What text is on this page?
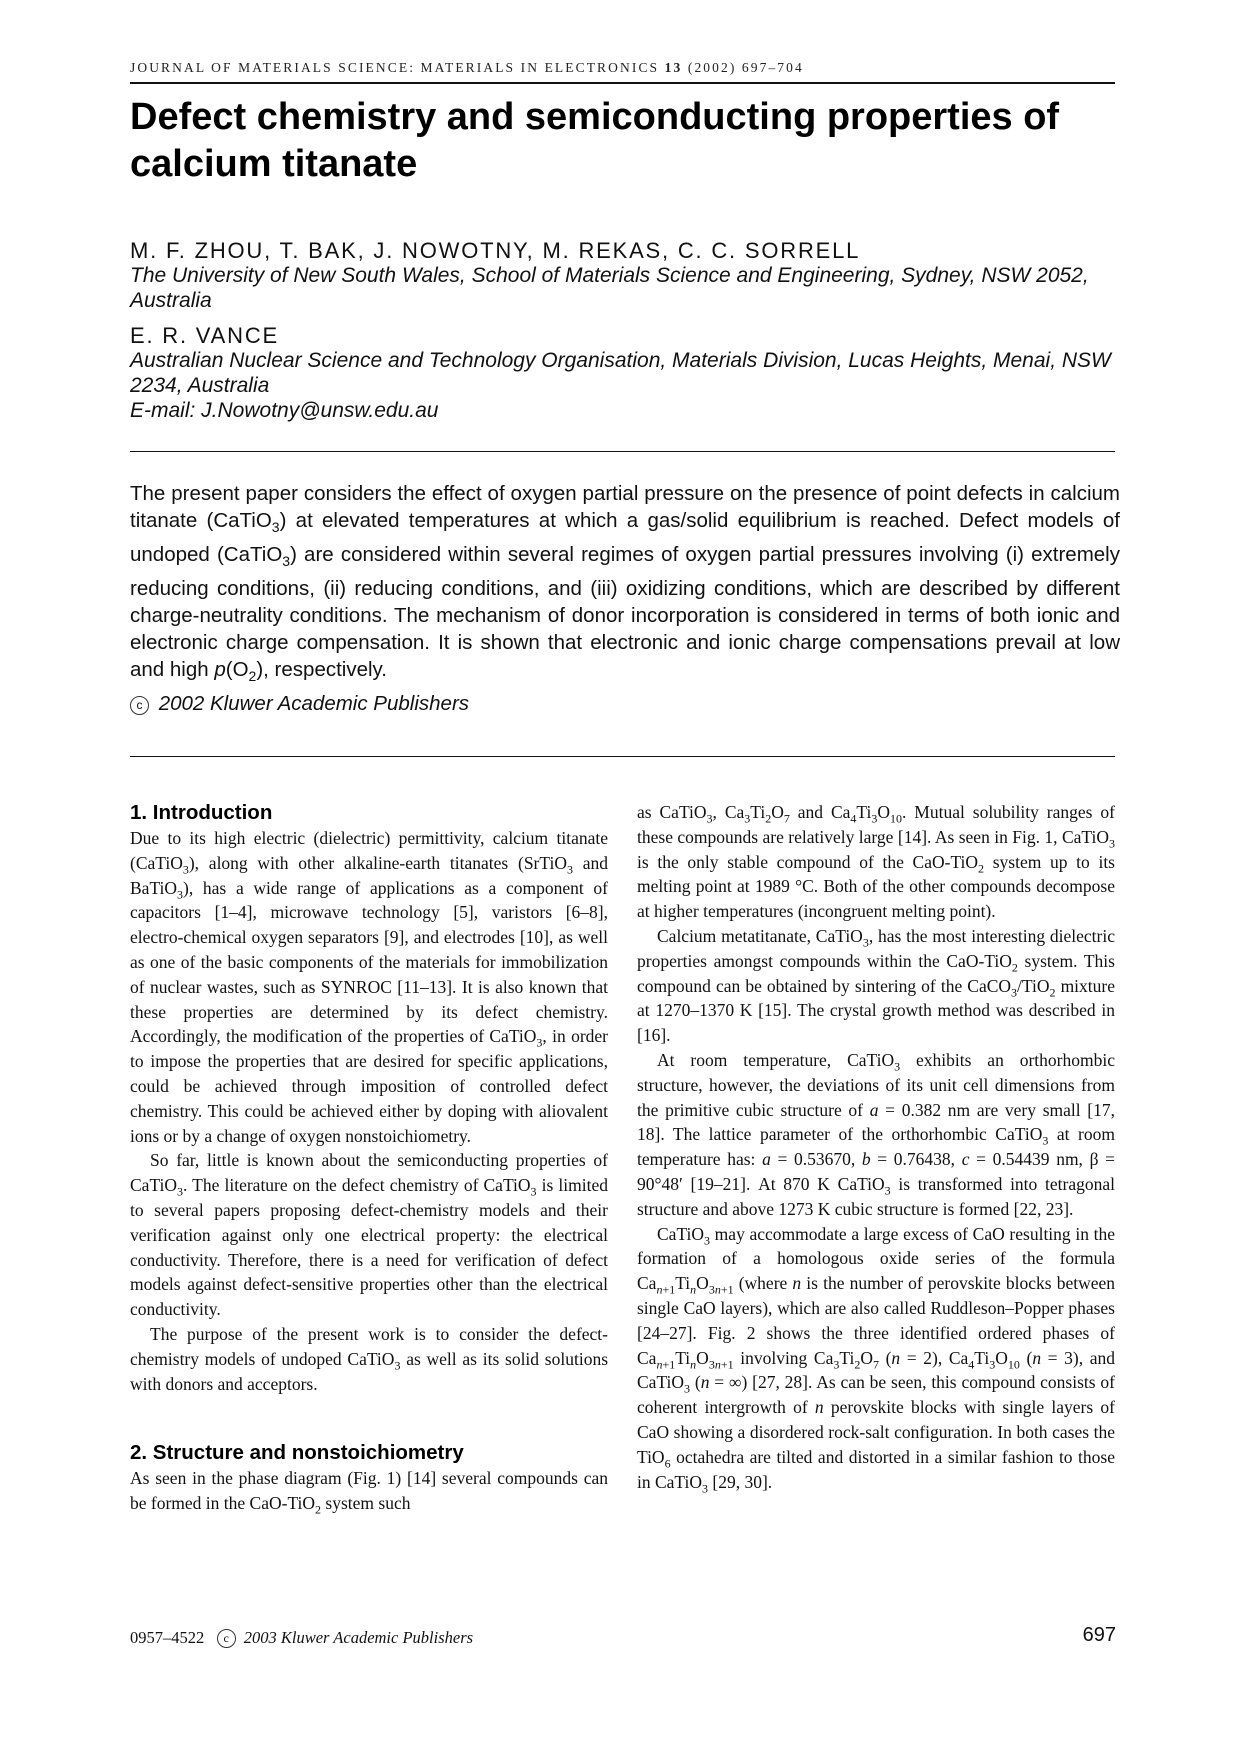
JOURNAL OF MATERIALS SCIENCE: MATERIALS IN ELECTRONICS 13 (2002) 697–704
Defect chemistry and semiconducting properties of calcium titanate
M. F. ZHOU, T. BAK, J. NOWOTNY, M. REKAS, C. C. SORRELL
The University of New South Wales, School of Materials Science and Engineering, Sydney, NSW 2052, Australia
E. R. VANCE
Australian Nuclear Science and Technology Organisation, Materials Division, Lucas Heights, Menai, NSW 2234, Australia
E-mail: J.Nowotny@unsw.edu.au

The present paper considers the effect of oxygen partial pressure on the presence of point defects in calcium titanate (CaTiO$_3$) at elevated temperatures at which a gas/solid equilibrium is reached. Defect models of undoped (CaTiO$_3$) are considered within several regimes of oxygen partial pressures involving (i) extremely reducing conditions, (ii) reducing conditions, and (iii) oxidizing conditions, which are described by different charge-neutrality conditions. The mechanism of donor incorporation is considered in terms of both ionic and electronic charge compensation. It is shown that electronic and ionic charge compensations prevail at low and high $p(O_2)$, respectively.

c 2002 Kluwer Academic Publishers

1. Introduction

Due to its high electric (dielectric) permittivity, calcium titanate (CaTiO$_3$), along with other alkaline-earth titanates (SrTiO$_3$ and BaTiO$_3$), has a wide range of applications as a component of capacitors [1–4], microwave technology [5], varistors [6–8], electro-chemical oxygen separators [9], and electrodes [10], as well as one of the basic components of the materials for immobilization of nuclear wastes, such as SYNROC [11–13]. It is also known that these properties are determined by its defect chemistry. Accordingly, the modification of the properties of CaTiO$_3$, in order to impose the properties that are desired for specific applications, could be achieved through imposition of controlled defect chemistry. This could be achieved either by doping with aliovalent ions or by a change of oxygen nonstoichiometry.

So far, little is known about the semiconducting properties of CaTiO$_3$. The literature on the defect chemistry of CaTiO$_3$ is limited to several papers proposing defect-chemistry models and their verification against only one electrical property: the electrical conductivity. Therefore, there is a need for verification of defect models against defect-sensitive properties other than the electrical conductivity.

The purpose of the present work is to consider the defect-chemistry models of undoped CaTiO$_3$ as well as its solid solutions with donors and acceptors.

2. Structure and nonstoichiometry

As seen in the phase diagram (Fig. 1) [14] several compounds can be formed in the CaO-TiO$_2$ system such

as CaTiO$_3$, $Ca_3Ti_2O_7$ and $Ca_4Ti_3O_{10}$. Mutual solubility ranges of these compounds are relatively large [14]. As seen in Fig. 1, CaTiO$_3$ is the only stable compound of the CaO-TiO$_2$ system up to its melting point at 1989 °C. Both of the other compounds decompose at higher temperatures (incongruent melting point).

Calcium metatitanate, CaTiO$_3$, has the most interesting dielectric properties amongst compounds within the CaO-TiO$_2$ system. This compound can be obtained by sintering of the CaCO$_3$/TiO$_2$ mixture at 1270–1370 K [15]. The crystal growth method was described in [16].

At room temperature, CaTiO$_3$ exhibits an orthorhombic structure, however, the deviations of its unit cell dimensions from the primitive cubic structure of a = 0.382 nm are very small [17, 18]. The lattice parameter of the orthorhombic CaTiO$_3$ at room temperature has: a = 0.53670, b = 0.76438, c = 0.54439 nm, β = 90°48′ [19–21]. At 870 K CaTiO$_3$ is transformed into tetragonal structure and above 1273 K cubic structure is formed [22, 23].

CaTiO$_3$ may accommodate a large excess of CaO resulting in the formation of a homologous oxide series of the formula $Ca_{n+1}Ti_nO_{3n+1}$ (where n is the number of perovskite blocks between single CaO layers), which are also called Ruddleson–Popper phases [24–27]. Fig. 2 shows the three identified ordered phases of $Ca_{n+1}Ti_nO_{3n+1}$ involving $Ca_3Ti_2O_7$ (n = 2), $Ca_4Ti_3O_{10}$ (n = 3), and CaTiO$_3$ (n = ∞) [27, 28]. As can be seen, this compound consists of coherent intergrowth of n perovskite blocks with single layers of CaO showing a disordered rock-salt configuration. In both cases the TiO$_6$ octahedra are tilted and distorted in a similar fashion to those in CaTiO$_3$ [29, 30].

0957–4522 c 2003 Kluwer Academic Publishers	697
